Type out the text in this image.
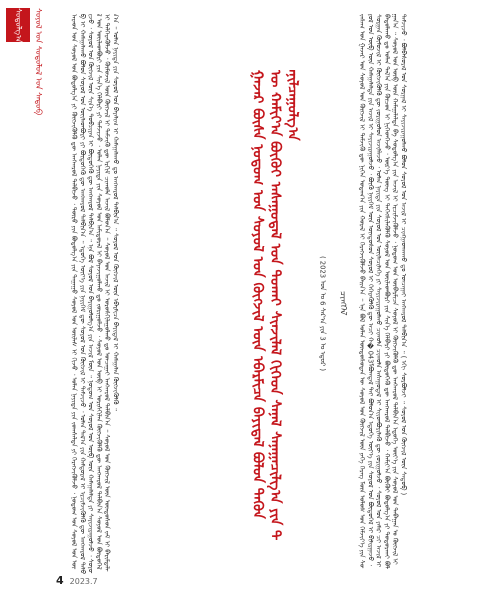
ᠰᠤᠳᠤᠯᠭ᠎ᠠ ᠰᠣᠶᠣᠯ ᠤᠨ ᠰᠤᠳᠤᠯᠤᠯ ᠤᠨ ᠰᠡᠳᠦᠪ	ᠠᠷᠠᠳ ᠤᠨ ᠰᠤᠶᠤᠯ ᠤᠨ ᠪᠣᠳᠣᠯᠭ᠎ᠠ ᠶᠢ ᠬᠥᠭᠵᠢᠭᠦᠯᠬᠦ ᠳᠦ ᠠᠩᠬᠠᠷᠤᠯ ᠲᠠᠯᠪᠢᠵᠤ ᠂ ᠲᠥᠷᠦ ᠶᠢᠨ ᠪᠣᠳᠣᠯᠭ᠎ᠠ ᠶᠢᠨ ᠳᠠᠭᠠᠭᠤ ᠰᠤᠶᠤᠯ ᠤᠨ ᠦᠢᠯᠡᠰ ᠢ ᠬᠢᠵᠦ ᠂ ᠣᠯᠠᠨ ᠨᠡᠶᠢᠲᠡ ᠶᠢᠨ ᠵᠣᠭᠰᠠᠯᠲᠠ ᠶᠢ ᠬᠡᠷᠡᠭᠵᠢᠭᠦᠯᠵᠦ ᠂ ᠨᠤᠲᠤᠭ ᠤᠨ ᠰᠤᠶᠤᠯ ᠤᠨ ᠥᠪ ᠢ ᠬᠠᠮᠠᠭᠠᠯᠠᠬᠤ ᠪᠣᠯᠤᠨ ᠰᠤᠶᠤᠯ ᠤᠨ ᠦᠢᠯᠡᠳᠪᠦᠷᠢ ᠶᠢ ᠪᠦᠲᠦᠭᠡᠬᠦ ᠳᠦ ᠠᠨᠭᠬᠠᠷᠤᠯ ᠲᠠᠯᠪᠢᠨ᠎ᠠ ᠃ ᠡᠳᠦᠭᠡ ᠦᠶ᠎ᠡ ᠶᠢᠨ ᠨᠡᠶᠢᠭᠡᠮ ᠳᠦ ᠰᠤᠶᠤᠯ ᠤᠨ ᠬᠥᠭᠵᠢᠯ ᠢ ᠳᠡᠮᠵᠢᠵᠦ ᠂ ᠣᠯᠠᠨ ᠲᠠᠯ᠎ᠠ ᠶᠢᠨ ᠬᠠᠮᠲᠤᠷᠠᠯ ᠢ ᠡᠷᠴᠢᠮᠵᠢᠭᠦᠯᠬᠦ ᠳᠦ ᠠᠨᠭᠬᠠᠷᠤᠯ ᠲᠠᠯᠪᠢᠵᠤ ᠂ ᠰᠤᠶᠤᠯ ᠤᠨ ᠬᠥᠭᠵᠢᠯ ᠦᠨ ᠰᠢᠨ᠎ᠡ ᠲᠣᠪᠴᠢᠶᠠᠨ ᠢ ᠪᠦᠲᠦᠭᠡᠬᠦ ᠳᠦ ᠠᠨᠭᠬᠠᠷᠤᠯ ᠲᠠᠯᠪᠢᠨ᠎ᠠ ᠃ ᠡᠨᠡ ᠪᠣᠯ ᠰᠤᠶᠤᠯ ᠤᠨ ᠪᠠᠶᠢᠭᠤᠯᠤᠯᠭ᠎ᠠ ᠶᠢᠨ ᠠᠵᠢᠯ ᠮᠥᠨ ᠃ ᠨᠤᠲᠤᠭ ᠤᠨ ᠰᠤᠶᠤᠯ ᠤᠨ ᠥᠪ ᠦᠨ ᠬᠠᠮᠠᠭᠠᠯᠠᠯᠲᠠ ᠶᠢ ᠰᠠᠶᠢᠵᠢᠷᠠᠭᠤᠯᠵᠤ ᠂ ᠰᠤᠶᠤᠯ ᠤᠨ ᠦᠢᠯᠡᠳᠪᠦᠷᠢ ᠶᠢᠨ ᠰᠢᠨ᠎ᠡ ᠬᠡᠯᠪᠡᠷᠢ ᠶᠢ ᠳᠡᠮᠵᠢᠵᠦ ᠂ ᠣᠯᠠᠨ ᠨᠡᠶᠢᠲᠡ ᠶᠢᠨ ᠰᠤᠶᠤᠯ ᠤᠨ ᠠᠮᠢᠳᠤᠷᠠᠯ ᠢ ᠪᠠᠶᠠᠵᠢᠭᠤᠯᠬᠤ ᠳᠤ ᠵᠣᠷᠢᠭᠤᠯᠵᠤ ᠂ ᠰᠤᠶᠤᠯ ᠤᠨ ᠥᠪ ᠢ ᠤᠷᠢᠰᠬᠢᠯᠠᠨ ᠬᠥᠭᠵᠢᠭᠦᠯᠬᠦ ᠳᠦ ᠠᠨᠭᠬᠠᠷᠤᠯ ᠲᠠᠯᠪᠢᠨ᠎ᠠ ᠰᠤᠶᠤᠯ ᠤᠨ ᠪᠦᠲᠦᠭᠡᠯ ᠢ ᠳᠡᠯᠭᠡᠷᠡᠭᠦᠯᠵᠦ ᠂ ᠬᠦᠮᠦᠵᠢᠯ ᠦᠨ ᠬᠥᠭᠵᠢᠯ ᠢ ᠳᠡᠮᠵᠢᠬᠦ ᠳᠦ ᠡᠷᠬᠢᠮ ᠴᠢᠬᠤᠯᠠ ᠠᠵᠢᠯ ᠪᠣᠯᠤᠨ᠎ᠠ ᠃ ᠰᠤᠶᠤᠯ ᠤᠨ ᠠᠵᠢᠯ ᠢ ᠤᠷᠤᠰᠬᠢᠯᠠᠭᠤᠯᠬᠤ ᠳᠤ ᠣᠨᠴᠠᠭᠠᠢ ᠠᠩᠬᠠᠷᠤᠯ ᠲᠠᠯᠪᠢᠨ᠎ᠠ ᠃ ᠰᠤᠶᠤᠯ ᠤᠨ ᠬᠥᠭᠵᠢᠯ ᠦᠨ ᠦᠨᠳᠦᠰᠦᠨ ᠵᠠᠮ ᠢ ᠪᠠᠷᠢᠮᠲᠠᠯᠠᠨ᠎ᠠ ᠃ ᠣᠯᠠᠨ ᠨᠡᠶᠢᠲᠡ ᠶᠢᠨ ᠰᠤᠶᠤᠯ ᠤᠨ ᠪᠠᠶᠠᠯᠢᠭ ᠢ ᠬᠠᠮᠠᠭᠠᠯᠠᠬᠤ ᠳᠤ ᠠᠨᠭᠬᠠᠷᠤᠯ ᠲᠠᠯᠪᠢᠨ᠎ᠠ ᠃ ᠰᠤᠶᠤᠯ ᠤᠨ ᠬᠥᠭᠵᠢᠯ ᠦᠨ ᠡᠪᠡᠷᠮᠢᠴᠡ ᠪᠠᠶᠢᠳᠠᠯ ᠢ ᠬᠠᠮᠠᠭᠠᠯᠠᠨ ᠬᠥᠭᠵᠢᠭᠦᠯᠬᠦ ᠃	ᠭᠠᠵᠠᠷ ᠪᠦᠰᠡ ᠨᠤᠲᠤᠭ ᠤᠨ ᠰᠤᠶᠤᠯ ᠤᠨ ᠬᠥᠭᠵᠢᠯ ᠦᠨ ᠡᠪᠡᠷᠮᠢᠴᠡ ᠪᠠᠶᠢᠳᠠᠯ ᠪᠣᠯᠤᠨ ᠲᠡᠭᠦᠨ ᠦ ᠬᠠᠮᠢᠶ᠎ᠠ ᠪᠦᠬᠦᠢ ᠠᠰᠠᠭᠤᠳᠠᠯ ᠤᠨ ᠲᠤᠬᠠᠢ ᠰᠢᠨᠵᠢᠯᠡᠯ ᠬᠢᠭᠡᠳ ᠰᠠᠨᠠᠯ ᠰᠠᠨᠠᠭᠠᠴᠢᠯᠭ᠎ᠠ ᠶᠢᠨ ᠲᠠᠨᠢᠯᠴᠠᠭᠤᠯᠭ᠎ᠠ
( 2023 ᠣᠨ ᠤ 6 ᠰᠠᠷ᠎ᠠ ᠶᠢᠨ 3 ᠤ ᠡᠳᠦᠷ )	ᠴᠢᠩᠭᠡᠯ	ᠵᠠᠰᠠᠭ ᠤᠨ ᠭᠠᠵᠠᠷ ᠤᠨ ᠰᠤᠶᠤᠯ ᠤᠨ ᠬᠥᠭᠵᠢᠯ ᠢ ᠳᠡᠮᠵᠢᠬᠦ ᠳᠦ ᠨᠢᠭᠡᠨ ᠤᠳᠠᠭ᠎ᠠ ᠶᠢᠨ ᠬᠤᠷᠠᠯ ᠢ ᠬᠡᠷᠡᠭᠵᠢᠭᠦᠯᠵᠦ ᠪᠠᠢᠨ᠎ᠠ ᠃ ᠡᠨᠡ ᠪᠣᠯ ᠣᠯᠠᠨ ᠦᠨᠳᠦᠰᠦᠲᠡᠨ ᠦ ᠰᠤᠶᠤᠯ ᠤᠨ ᠬᠥᠭᠵᠢᠯ ᠦᠨ ᠶᠡᠬᠡ ᠬᠡᠷᠡᠭ ᠮᠥᠨ ᠤᠯᠤᠰ ᠤᠨ ᠬᠡᠮᠵᠢᠶ᠎ᠡ ᠶᠢᠨ ᠰᠤᠶᠤᠯ ᠤᠨ ᠥᠪ ᠦᠨ ᠬᠠᠮᠠᠭᠠᠯᠠᠯᠲᠠ ᠶᠢᠨ ᠠᠵᠢᠯ ᠢ ᠰᠠᠶᠢᠵᠢᠷᠠᠭᠤᠯᠵᠤ ᠂ ᠪᠦᠬᠦ ᠨᠡᠶᠢᠭᠡᠮ ᠦᠨ ᠦᠨᠳᠦᠰᠦᠨ ᠰᠤᠶᠤᠯ ᠢ ᠭᠡᠭᠡᠷᠡᠭᠦᠯᠬᠦ ᠳᠦ ᠠᠴᠢ ᠬ�043ᠯᠪᠤᠭᠳᠠᠯ ᠲᠠᠢ ᠪᠣᠯᠤᠨ᠎ᠠ ᠡᠳᠦᠭᠡ ᠦᠶ᠎ᠡ ᠶᠢᠨ ᠰᠤᠶᠤᠯ ᠤᠨ ᠪᠦᠲᠦᠭᠡᠯ ᠢ ᠪᠢᠯᠢᠷᠭᠠᠵᠤ ᠂ ᠰᠤᠷᠭᠠᠨ ᠬᠦᠮᠦᠵᠢᠯ ᠢ ᠬᠥᠭᠵᠢᠭᠦᠯᠬᠦ ᠳᠦ ᠵᠣᠷᠢᠭᠤᠯᠤᠨ ᠠᠵᠢᠯᠯᠠᠵᠤ ᠂ ᠣᠯᠠᠨ ᠨᠡᠶᠢᠲᠡ ᠶᠢᠨ ᠰᠤᠶᠤᠯ ᠤᠨ ᠦᠢᠯᠡᠴᠢᠯᠡᠭᠡ ᠶᠢ ᠰᠠᠶᠢᠵᠢᠷᠠᠭᠤᠯᠬᠤ ᠴᠢᠬᠤᠯᠠ ᠴᠢᠬᠤᠯᠠ ᠠᠰᠠᠭᠤᠳᠠᠯ ᠢ ᠰᠢᠢᠳᠪᠦᠷᠢᠯᠡᠬᠦ ᠳᠦ ᠵᠣᠷᠢᠭᠤᠯᠵᠤ ᠂ ᠰᠤᠶᠤᠯ ᠤᠨ ᠶᠠᠮᠠᠷ ᠴᠢ ᠠᠵᠢᠯ ᠢ ᠪᠠᠲᠤᠯᠠᠬᠤ ᠳᠤ ᠣᠯᠠᠨ ᠲᠠᠯ᠎ᠠ ᠶᠢᠨ ᠬᠦᠴᠦᠨ ᠢ ᠨᠢᠭᠡᠳᠬᠡᠵᠦ ᠂ ᠦᠷ᠎ᠡ ᠳᠦᠩ ᠢ ᠳᠡᠭᠡᠭᠰᠢᠯᠡᠭᠦᠯᠬᠦ ᠰᠤᠶᠤᠯ ᠤᠨ ᠦᠢᠯᠡᠳᠪᠦᠷᠢ ᠶᠢᠨ ᠰᠢᠨ᠎ᠡ ᠬᠡᠯᠪᠡᠷᠢ ᠶᠢ ᠪᠦᠲᠦᠭᠡᠬᠦ ᠳᠦ ᠠᠨᠭᠬᠠᠷᠤᠯ ᠲᠠᠯᠪᠢᠵᠤ ᠂ ᠬᠠᠮᠢᠶ᠎ᠠ ᠪᠦᠬᠦᠢ ᠪᠣᠳᠣᠯᠭ᠎ᠠ ᠶᠢ ᠲᠣᠳᠣᠷᠬᠠᠢ ᠪᠤᠯᠭᠠᠨ᠎ᠠ ᠃ ᠰᠤᠶᠤᠯ ᠤᠨ ᠥᠪ ᠦᠨ ᠬᠠᠮᠠᠭᠠᠯᠠᠯᠲᠠ ᠪᠠ ᠰᠤᠳᠤᠯᠭ᠎ᠠ ᠶᠢᠨ ᠠᠵᠢᠯ ᠢ ᠡᠷᠴᠢᠮᠵᠢᠭᠦᠯᠵᠦ ᠂ ᠨᠤᠲᠤᠭ ᠤᠨ ᠥᠪᠡᠷᠮᠢᠴᠡ ᠰᠤᠶᠤᠯ ᠢ ᠬᠥᠭᠵᠢᠭᠦᠯᠬᠦ ᠳᠦ ᠠᠩᠬᠠᠷᠤᠯ ᠲᠠᠯᠪᠢᠨ᠎ᠠ ᠡᠳᠦᠭᠡ ᠦᠶ᠎ᠡ ᠶᠢᠨ ᠰᠤᠶᠤᠯ ᠤᠨ ᠳᠠᠪᠠᠭᠠᠨ ᠤ ᠬᠥᠭᠵᠢᠯ ᠢ ᠳᠡᠮᠵᠢᠵᠦ ᠂ ᠪᠣᠯᠪᠠᠰᠤᠷᠠᠯ ᠤᠨ ᠰᠤᠷᠭᠠᠯ ᠢ ᠰᠠᠶᠢᠵᠢᠷᠠᠭᠤᠯᠬᠤ ᠪᠣᠯᠤᠨ ᠰᠤᠶᠤᠯ ᠤᠨ ᠠᠵᠢᠯ ᠢ ᠴᠢᠩᠭᠠᠳᠬᠠᠬᠤ ᠳᠤ ᠣᠨᠴᠠᠭᠠᠢ ᠠᠩᠬᠠᠷᠤᠯ ᠲᠠᠯᠪᠢᠨ᠎ᠠ ᠃ ( ᠡᠬᠢ ᠰᠤᠷᠪᠤᠯᠵᠢ ᠃ ᠰᠤᠶᠤᠯ ᠤᠨ ᠬᠥᠭᠵᠢᠯ ᠦᠨ ᠰᠡᠳᠦᠪ )
4 2023.7
